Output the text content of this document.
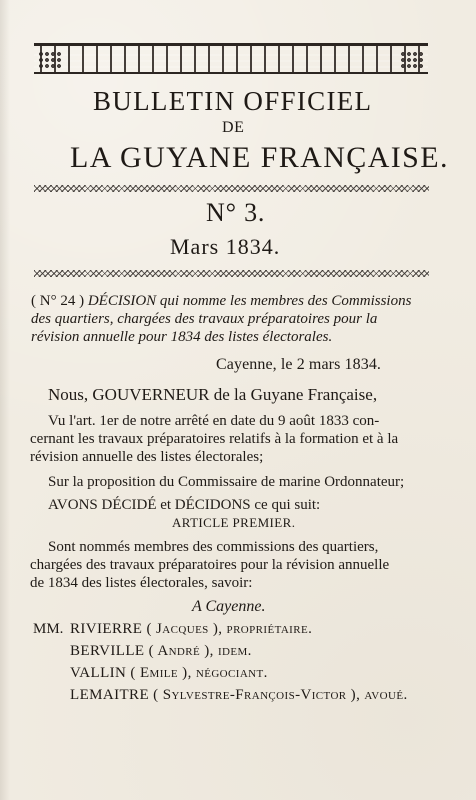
BULLETIN OFFICIEL
DE
LA GUYANE FRANÇAISE.
N° 3.
Mars 1834.
( N° 24 ) DÉCISION qui nomme les membres des Commissions
des quartiers, chargées des travaux préparatoires pour la
révision annuelle pour 1834 des listes électorales.
Cayenne, le 2 mars 1834.
Nous, GOUVERNEUR de la Guyane Française,
Vu l'art. 1er de notre arrêté en date du 9 août 1833 con-
cernant les travaux préparatoires relatifs à la formation et à la
révision annuelle des listes électorales;
Sur la proposition du Commissaire de marine Ordonnateur;
AVONS DÉCIDÉ et DÉCIDONS ce qui suit:
ARTICLE PREMIER.
Sont nommés membres des commissions des quartiers,
chargées des travaux préparatoires pour la révision annuelle
de 1834 des listes électorales, savoir:
A Cayenne.
MM. RIVIERRE ( Jacques ), propriétaire.
BERVILLE ( André ), idem.
VALLIN ( Emile ), négociant.
LEMAITRE ( Sylvestre-François-Victor ), avoué.
